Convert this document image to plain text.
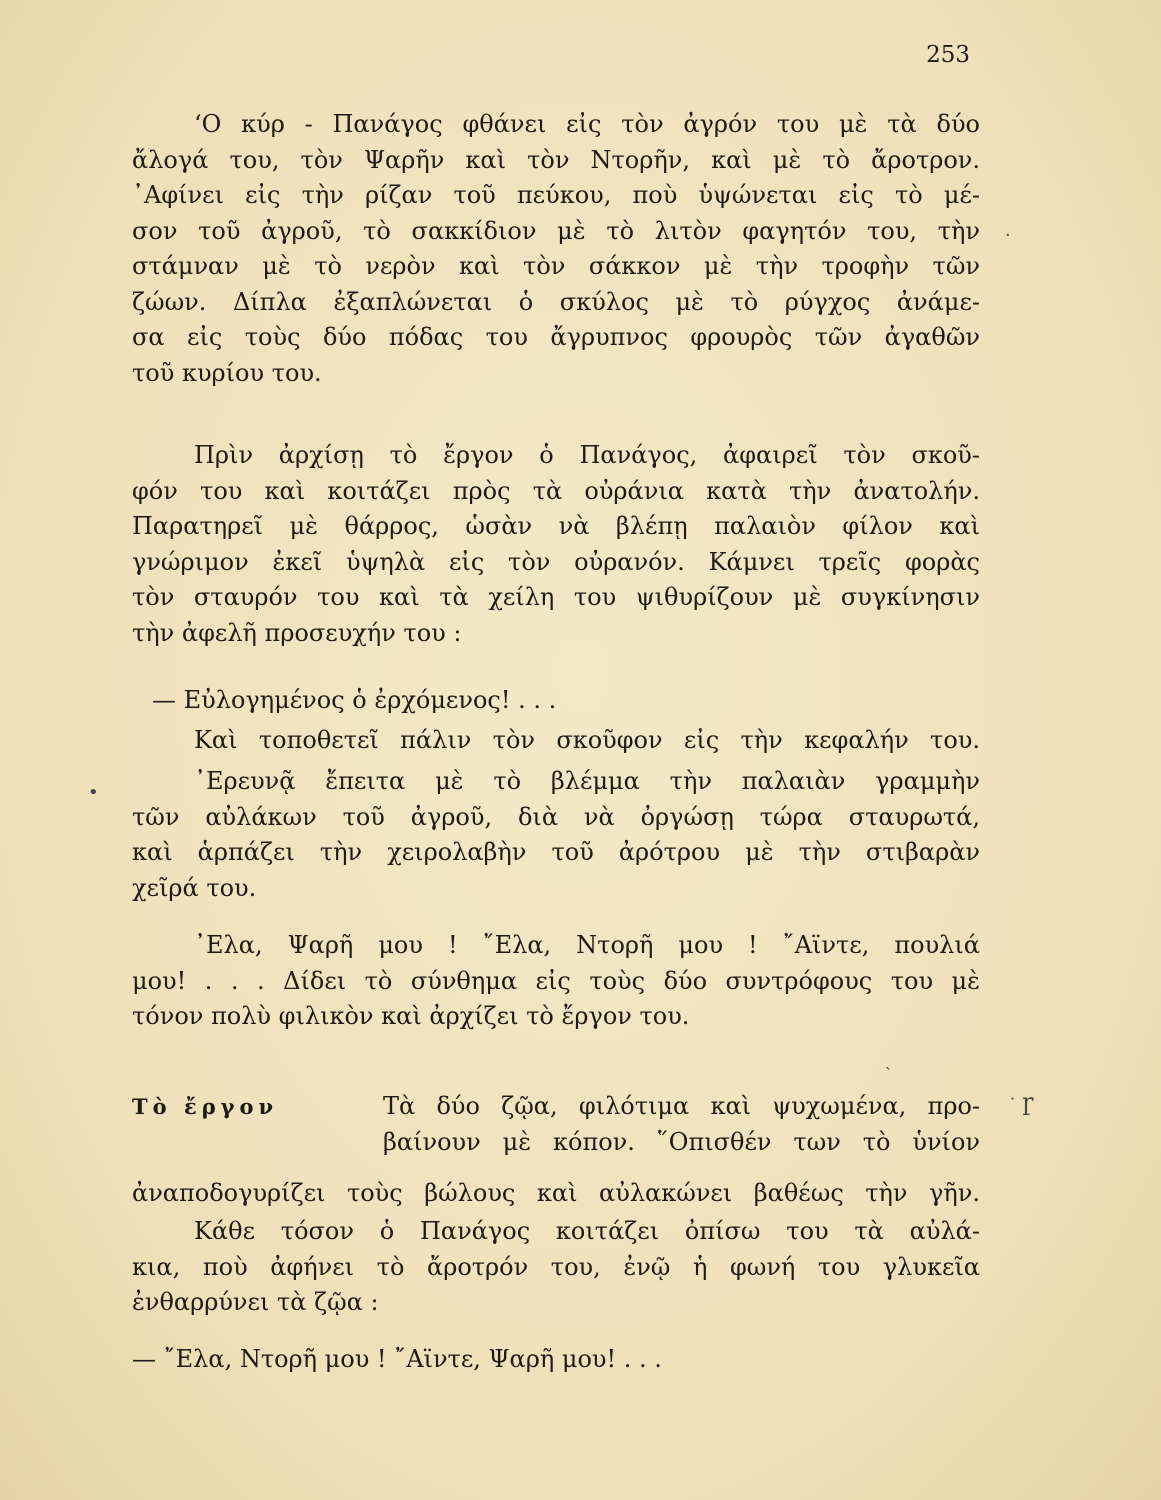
253
‘Ο κύρ - Πανάγος φθάνει εἰς τὸν ἀγρόν του μὲ τὰ δύο
ἄλογά του, τὸν Ψαρῆν καὶ τὸν Ντορῆν, καὶ μὲ τὸ ἄροτρον.
᾿Αφίνει εἰς τὴν ρίζαν τοῦ πεύκου, ποὺ ὑψώνεται εἰς τὸ μέ-
σον τοῦ ἀγροῦ, τὸ σακκίδιον μὲ τὸ λιτὸν φαγητόν του, τὴν
στάμναν μὲ τὸ νερὸν καὶ τὸν σάκκον μὲ τὴν τροφὴν τῶν
ζώων. Δίπλα ἐξαπλώνεται ὁ σκύλος μὲ τὸ ρύγχος ἀνάμε-
σα εἰς τοὺς δύο πόδας του ἄγρυπνος φρουρὸς τῶν ἀγαθῶν
τοῦ κυρίου του.
Πρὶν ἀρχίσῃ τὸ ἔργον ὁ Πανάγος, ἀφαιρεῖ τὸν σκοῦ-
φόν του καὶ κοιτάζει πρὸς τὰ οὐράνια κατὰ τὴν ἀνατολήν.
Παρατηρεῖ μὲ θάρρος, ὡσὰν νὰ βλέπῃ παλαιὸν φίλον καὶ
γνώριμον ἐκεῖ ὑψηλὰ εἰς τὸν οὐρανόν. Κάμνει τρεῖς φορὰς
τὸν σταυρόν του καὶ τὰ χείλη του ψιθυρίζουν μὲ συγκίνησιν
τὴν ἀφελῆ προσευχήν του :
— Εὐλογημένος ὁ ἐρχόμενος! . . .
Καὶ τοποθετεῖ πάλιν τὸν σκοῦφον εἰς τὴν κεφαλήν του.
᾿Ερευνᾷ ἔπειτα μὲ τὸ βλέμμα τὴν παλαιὰν γραμμὴν
τῶν αὐλάκων τοῦ ἀγροῦ, διὰ νὰ ὀργώσῃ τώρα σταυρωτά,
καὶ ἁρπάζει τὴν χειρολαβὴν τοῦ ἀρότρου μὲ τὴν στιβαρὰν
χεῖρά του.
᾿Ελα, Ψαρῆ μου ! ῎Ελα, Ντορῆ μου ! ῎Αϊντε, πουλιά
μου! . . . Δίδει τὸ σύνθημα εἰς τοὺς δύο συντρόφους του μὲ
τόνον πολὺ φιλικὸν καὶ ἀρχίζει τὸ ἔργον του.
Τὸ ἔργον	Τὰ δύο ζῷα, φιλότιμα καὶ ψυχωμένα, προ-
βαίνουν μὲ κόπον. ῞Οπισθέν των τὸ ὑνίον
ἀναποδογυρίζει τοὺς βώλους καὶ αὐλακώνει βαθέως τὴν γῆν.
Κάθε τόσον ὁ Πανάγος κοιτάζει ὀπίσω του τὰ αὐλά-
κια, ποὺ ἀφήνει τὸ ἄροτρόν του, ἐνῷ ἡ φωνή του γλυκεῖα
ἐνθαρρύνει τὰ ζῷα :
— ῎Ελα, Ντορῆ μου ! ῎Αϊντε, Ψαρῆ μου! . . .
•
ɼ
˙
·
ˎ
